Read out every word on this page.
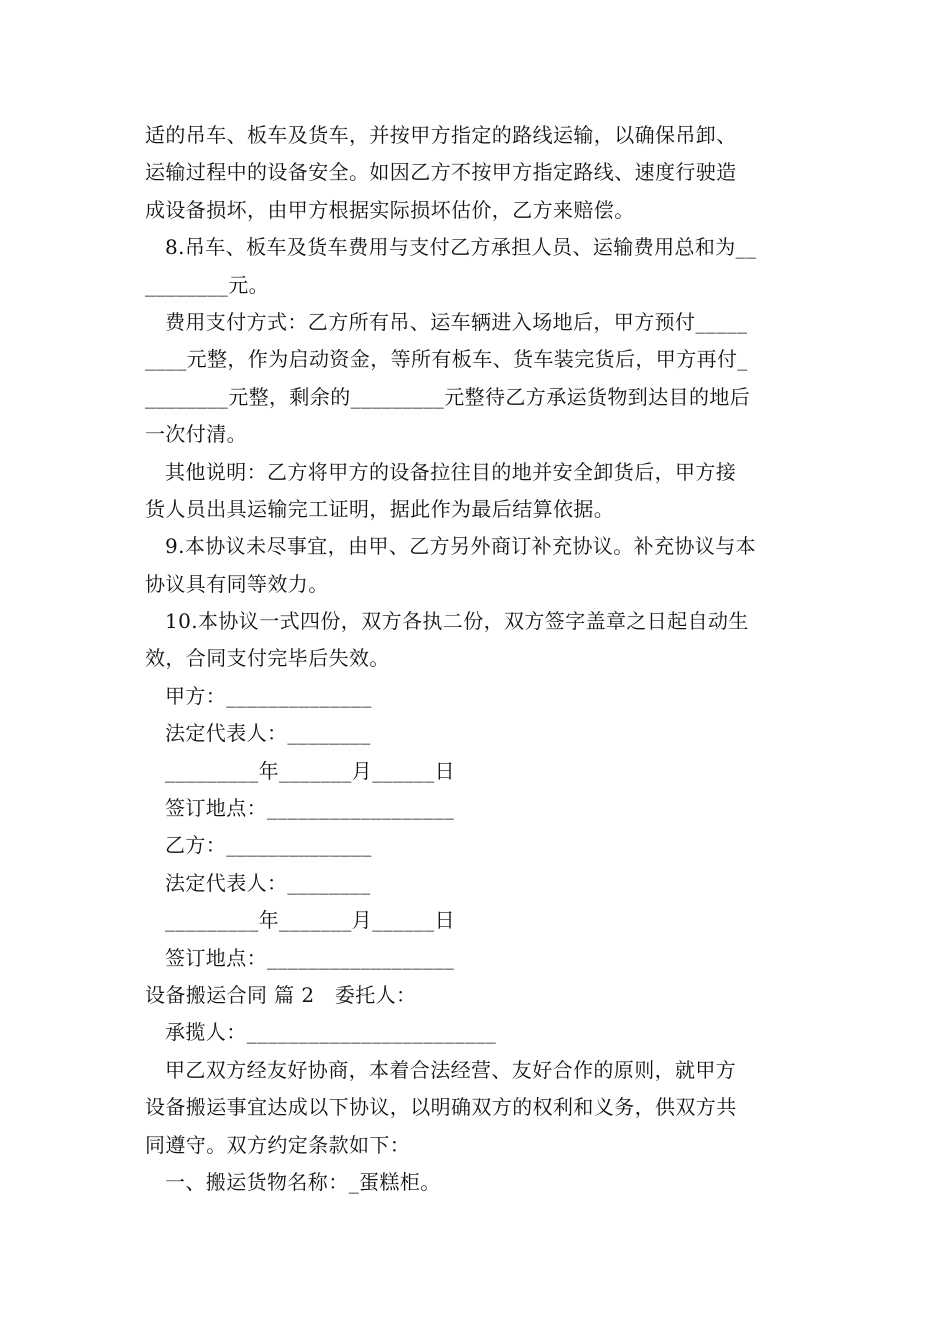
适的吊车、板车及货车，并按甲方指定的路线运输，以确保吊卸、
运输过程中的设备安全。如因乙方不按甲方指定路线、速度行驶造
成设备损坏，由甲方根据实际损坏估价，乙方来赔偿。
8.吊车、板车及货车费用与支付乙方承担人员、运输费用总和为__
________元。
费用支付方式：乙方所有吊、运车辆进入场地后，甲方预付_____
____元整，作为启动资金，等所有板车、货车装完货后，甲方再付_
________元整，剩余的_________元整待乙方承运货物到达目的地后
一次付清。
其他说明：乙方将甲方的设备拉往目的地并安全卸货后，甲方接
货人员出具运输完工证明，据此作为最后结算依据。
9.本协议未尽事宜，由甲、乙方另外商订补充协议。补充协议与本
协议具有同等效力。
10.本协议一式四份，双方各执二份，双方签字盖章之日起自动生
效，合同支付完毕后失效。
甲方：______________
法定代表人：________
_________年_______月______日
签订地点：__________________
乙方：______________
法定代表人：________
_________年_______月______日
签订地点：__________________
设备搬运合同 篇 2　委托人：
承揽人：________________________
甲乙双方经友好协商，本着合法经营、友好合作的原则，就甲方
设备搬运事宜达成以下协议，以明确双方的权利和义务，供双方共
同遵守。双方约定条款如下：
一、搬运货物名称：_蛋糕柜。
